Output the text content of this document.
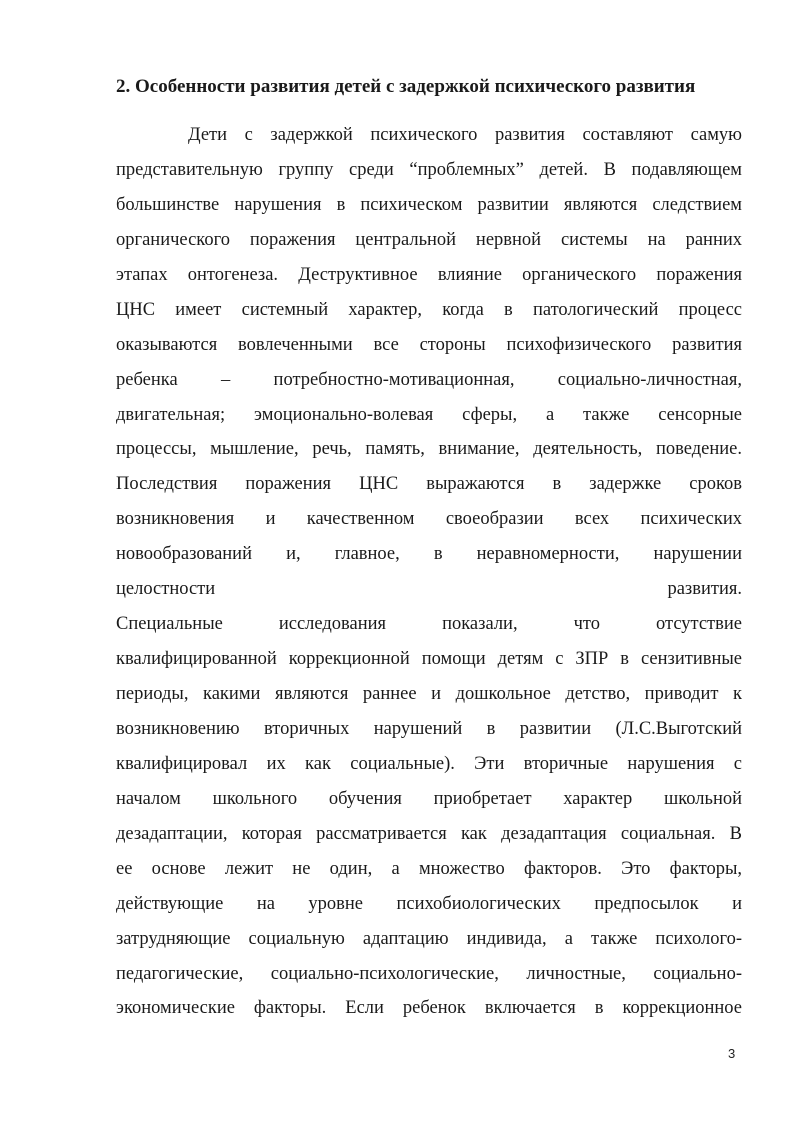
2. Особенности развития детей с задержкой психического развития
Дети с задержкой психического развития составляют самую
представительную группу среди “проблемных” детей. В подавляющем
большинстве нарушения в психическом развитии являются следствием
органического поражения центральной нервной системы на ранних
этапах онтогенеза. Деструктивное влияние органического поражения
ЦНС имеет системный характер, когда в патологический процесс
оказываются вовлеченными все стороны психофизического развития
ребенка – потребностно-мотивационная, социально-личностная,
двигательная; эмоционально-волевая сферы, а также сенсорные
процессы, мышление, речь, память, внимание, деятельность, поведение.
Последствия поражения ЦНС выражаются в задержке сроков
возникновения и качественном своеобразии всех психических
новообразований и, главное, в неравномерности, нарушении
целостности развития.
Специальные исследования показали, что отсутствие
квалифицированной коррекционной помощи детям с ЗПР в сензитивные
периоды, какими являются раннее и дошкольное детство, приводит к
возникновению вторичных нарушений в развитии (Л.С.Выготский
квалифицировал их как социальные). Эти вторичные нарушения с
началом школьного обучения приобретает характер школьной
дезадаптации, которая рассматривается как дезадаптация социальная. В
ее основе лежит не один, а множество факторов. Это факторы,
действующие на уровне психобиологических предпосылок и
затрудняющие социальную адаптацию индивида, а также психолого-
педагогические, социально-психологические, личностные, социально-
экономические факторы. Если ребенок включается в коррекционное
3
